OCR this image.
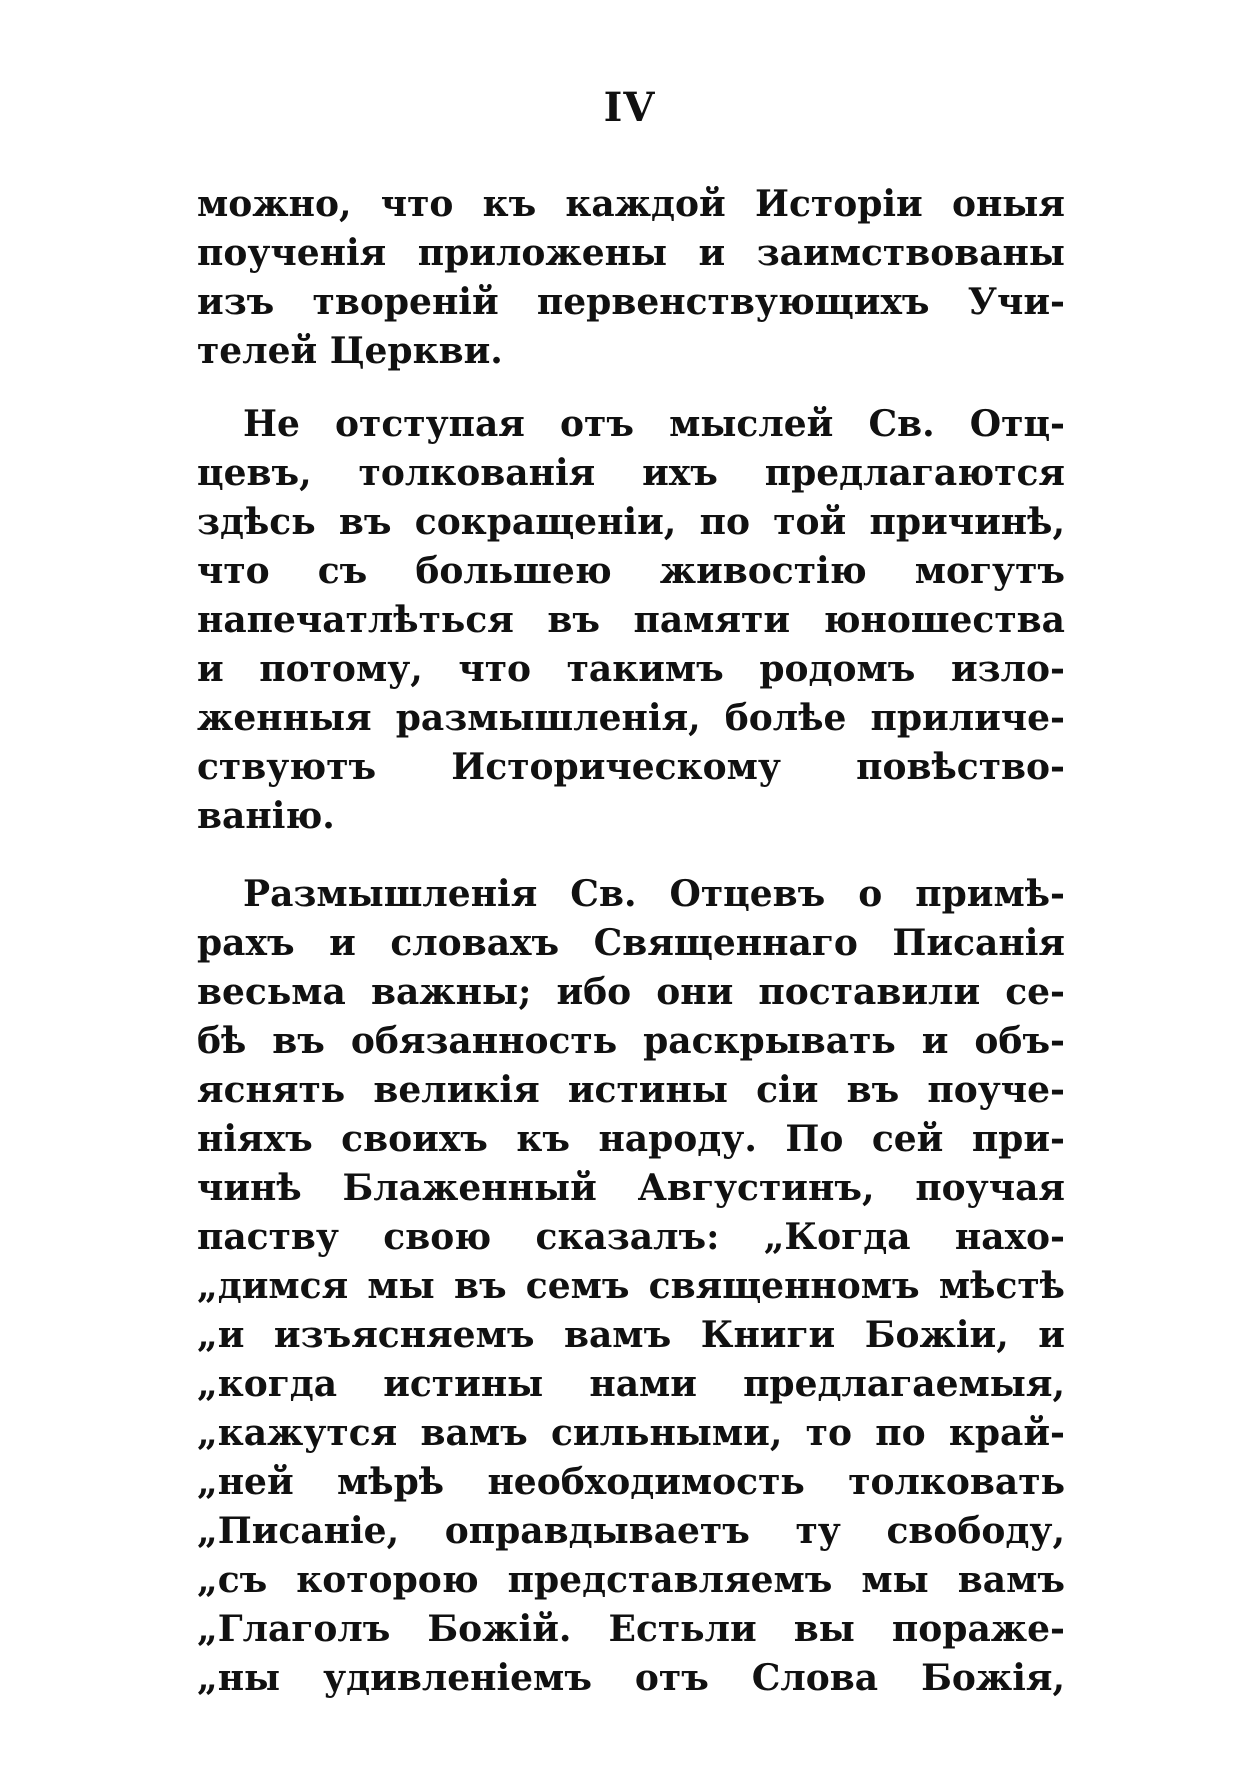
IV
можно, что къ каждой Исторіи оныя
поученія приложены и заимствованы
изъ твореній первенствующихъ Учи-
телей Церкви.
Не отступая отъ мыслей Св. Отц-
цевъ, толкованія ихъ предлагаются
здѣсь въ сокращеніи, по той причинѣ,
что съ большею живостію могутъ
напечатлѣться въ памяти юношества
и потому, что такимъ родомъ изло-
женныя размышленія, болѣе приличе-
ствуютъ Историческому повѣство-
ванію.
Размышленія Св. Отцевъ о примѣ-
рахъ и словахъ Священнаго Писанія
весьма важны; ибо они поставили се-
бѣ въ обязанность раскрывать и объ-
яснять великія истины сіи въ поуче-
ніяхъ своихъ къ народу. По сей при-
чинѣ Блаженный Августинъ, поучая
паству свою сказалъ: „Когда нахо-
„димся мы въ семъ священномъ мѣстѣ
„и изъясняемъ вамъ Книги Божіи, и
„когда истины нами предлагаемыя,
„кажутся вамъ сильными, то по край-
„ней мѣрѣ необходимость толковать
„Писаніе, оправдываетъ ту свободу,
„съ которою представляемъ мы вамъ
„Глаголъ Божій. Естьли вы пораже-
„ны удивленіемъ отъ Слова Божія,
